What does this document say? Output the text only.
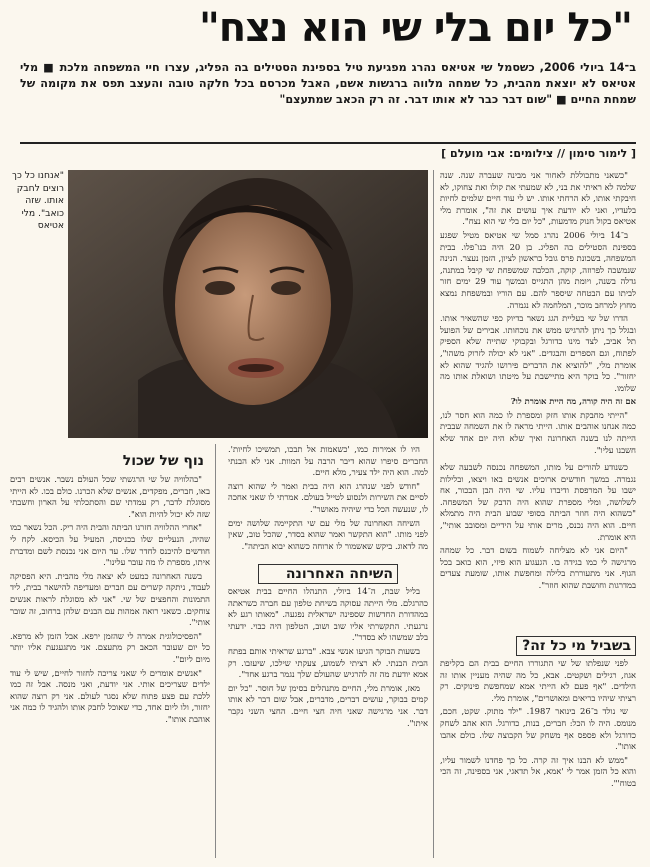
"כל יום בלי שי הוא נצח"
ב־14 ביולי 2006, כשסמל שי אטיאס נהרג מפגיעת טיל בספינת הסטילים בה הפליג, עצרו חיי המשפחה מלכת ■ מלי אטיאס לא יוצאת מהבית, כל שמחה מלווה ברגשות אשם, האבל מכרסם בכל חלקה טובה והעצב תפס את מקומה של שמחת החיים ■ "שום דבר כבר לא אותו דבר. זה רק הכאב שמתעצם"
[ לימור סימון // צילומים: אבי מועלם ]
"אנחנו כל כך רוצים לחבק אותו. שזה כואב". מלי אטיאס

"כשאני מתכוללת לאחור אני מבינה שעברה שנה. שנה שלמה לא ראיתי את בני, לא שמעתי את קולו ואת צחוקו, לא חיבקתי אותו, לא הרחתי אותו. יש לי עוד חיים שלמים לחיות בלעדיו, ואני לא יודעת איך עושים את זה", אומרת מלי אטיאס בקול חנוק מדמעות, "כל יום בלי שי הוא נצח".

ב־14 ביולי 2006 נהרג סמל שי אטיאס מטיל שפגע בספינת הסטילים בה הפליג. בן 20 היה בנו־פלו. בבית המשפחה, בשכונת פרס גובל בראשון לציון, הזמן נעצר. הנינה שנמשכה לפרוזה, קוקה, הכלבה שמשפחת שי קיבל במתנה, גדלה בשנה, ויומת מהן התגייס ובמשך עוד 29 ימים חזר לביתו עם הבטחה שיספר להם. עם הוריו ובמשפחת נמצא מחוץ למרחב מוכר, המלחמה לא נגמרה.

הדרו של שי בעליית הגג נשאר בדיוק כפי שהשאיר אותו. ובגלל כך ניתן להרגיש ממש את נוכחותו. אבירים של הפועל תל אביב, לצד מינו כדורגל ובקבוקי שתייה שלא הספיק לפתוח, וגם הספרים והבגדים. "אני לא יכולה לזרוק משהו", אומרת מלי, "להוציא את הדברים פירושו להגיד שהוא לא יחזור". כל בוקר היא מתיישבת על מיטתו ושואלת אותו מה שלומו.

אם זה היה קורה, מה היית אומרת לו?

"הייתי מחבקת אותו חזק ומספרת לו כמה הוא חסר לנו, כמה אנחנו אוהבים אותו. הייתי מראה לו את השמחה שבבית הייתה לנו בשנה האחרונה ואיך שלא היה יום אחד שלא חשבנו עליו".

כשנודע להורים על מותו, המשפחה נכנסה לשבעה שלא נגמרה. במשך חודשים ארוכים אנשים באו ויצאו, ובלילות ישבו על המרפסת ודיברו עליו. שי היה הבן הבכור, אח לשלושה, ומלי מספרת שהוא היה הדבק של המשפחה. "כשהוא היה חוזר הביתה בסופי שבוע הבית היה מתמלא חיים. הוא היה נכנס, מרים אותי על הידיים ומסובב אותי", היא אומרת.

"היום אני לא מצליחה לשמוח בשום דבר. כל שמחה מרגישה לי כמו בגידה בו. הגעגוע הוא פיזי, הוא כואב בכל הגוף. אני מתעוררת בלילה ומחפשת אותו, שומעת צעדים במדרגות וחושבת שהוא חוזר".

בשביל מי כל זה?

לפני שנפלתו של שי התגוררו החיים בבית הם בקליפת אגוז, רגילים ושקטים. אבא, כל מה שהיה מעניין אותו זה הילדים. "אף פעם לא הייתי אמא שמחפשת פינוקים. רק רציתי שיהיו בריאים ומאושרים", אומרת מלי.

שי נולד ב־26 בינואר 1987. "ילד מתוק. שקט, חכם, מנומס. היה לו הכל: חברים, בנות, כדורגל. הוא אהב לשחק כדורגל ולא פספס אף משחק של הקבוצה שלו. כולם אהבו אותו".

"ממש לא הבנו איך זה קרה. כל כך פחדנו לשמור עליו, והוא כל הזמן אמר לי 'אמא, אל תדאגי, אני בספינה, זה הכי בטוח'".

היו לו אמירות כמו, 'כשאמות אל תבכו, תמשיכו לחיות'. החברים סיפרו שהוא דיבר הרבה על המוות. אני לא הבנתי למה. הוא היה ילד צעיר, מלא חיים.

"חודש לפני שנהרג הוא היה בבית ואמר לי שהוא רוצה לסיים את השירות ולנסוע לטייל בעולם. אמרתי לו שאני אחכה לו, שנעשה הכל כדי שיהיה מאושר".

השיחה האחרונה של מלי עם שי התקיימה שלושה ימים לפני מותו. "הוא התקשר ואמר שהוא בסדר, שהכל טוב, שאין מה לדאוג. ביקש שאשמור לו ארוחה כשהוא יבוא הביתה".

השיחה האחרונה

בליל שבת, ה־14 ביולי, התנהלו החיים בבית אטיאס כהרגלם. מלי הייתה עסוקה בשיחת טלפון עם חברה כשראתה במהדורת החדשות שספינה ישראלית נפגעה. "מאותו רגע לא נרגעתי. התקשרתי אליו שוב ושוב, הטלפון היה כבוי. ידעתי בלב שמשהו לא בסדר".

בשעות הבוקר הגיעו אנשי צבא. "ברגע שראיתי אותם בפתח הבית הבנתי. לא רציתי לשמוע, צעקתי שילכו, שיעזבו. רק אמא יודעת מה זה להרגיש שהעולם שלך נגמר ברגע אחד".

מאז, אומרת מלי, החיים מתנהלים בסימן של חוסר. "כל יום קמים בבוקר, עושים דברים, מדברים, אבל שום דבר לא אותו דבר. אני מרגישה שאני חיה חצי חיים. החצי השני נקבר איתו".

נוף של שכול

"בהלוויה של שי הרגשתי שכל העולם נשבר. אנשים רבים באו, חברים, מפקדים, אנשים שלא הכרנו. כולם בכו. לא הייתי מסוגלת לדבר, רק עמדתי שם והסתכלתי על הארון וחשבתי שזה לא יכול להיות הוא".

"אחרי ההלוויה חזרנו הביתה והבית היה ריק. הכל נשאר כמו שהיה, הנעליים שלו בכניסה, המעיל על הכיסא. לקח לי חודשים להיכנס לחדר שלו. עד היום אני נכנסת לשם ומדברת איתו, מספרת לו מה עובר עלינו".

בשנה האחרונה כמעט לא יצאה מלי מהבית. היא הפסיקה לעבוד, ניתקה קשרים עם חברים ומעדיפה להישאר בבית, ליד התמונות והחפצים של שי. "אני לא מסוגלת לראות אנשים צוחקים. כשאני רואה אמהות עם הבנים שלהן ברחוב, זה שובר אותי".

"הפסיכולוגית אמרה לי שהזמן ירפא. אבל הזמן לא מרפא. כל יום שעובר הכאב רק מתעצם. אני מתגעגעת אליו יותר מיום ליום".

"אנשים אומרים לי שאני צריכה לחזור לחיים, שיש לי עוד ילדים שצריכים אותי. אני יודעת, ואני מנסה. אבל זה כמו ללכת עם פצע פתוח שלא נסגר לעולם. אני רק רוצה שהוא יחזור, ולו ליום אחד, כדי שאוכל לחבק אותו ולהגיד לו כמה אני אוהבת אותו".
